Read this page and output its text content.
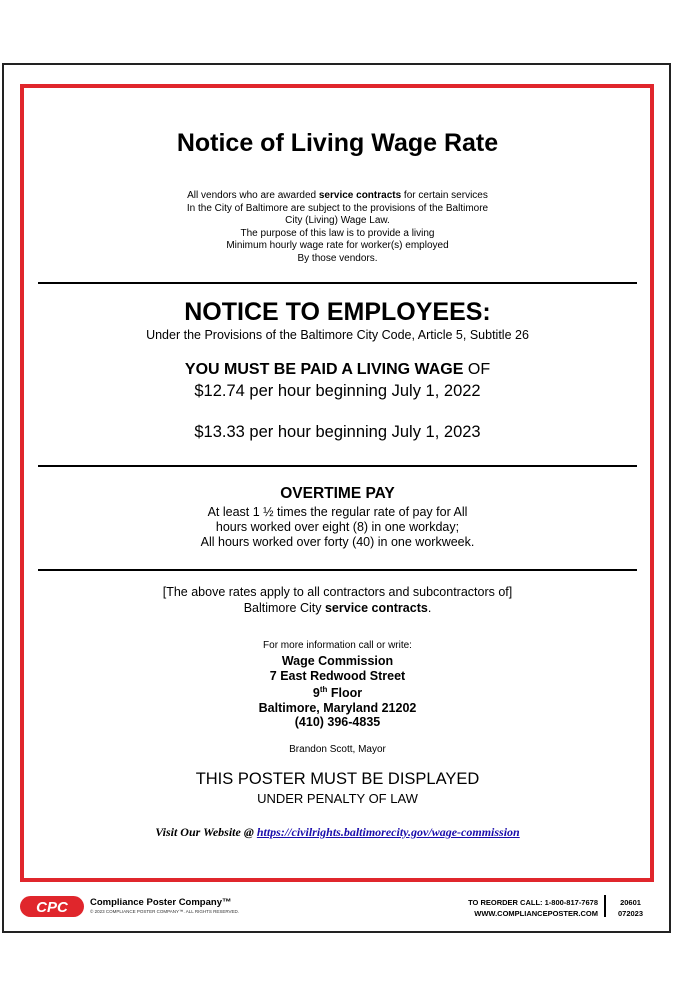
Notice of Living Wage Rate
All vendors who are awarded service contracts for certain services
In the City of Baltimore are subject to the provisions of the Baltimore
City (Living) Wage Law.
The purpose of this law is to provide a living
Minimum hourly wage rate for worker(s) employed
By those vendors.
NOTICE TO EMPLOYEES:
Under the Provisions of the Baltimore City Code, Article 5, Subtitle 26
YOU MUST BE PAID A LIVING WAGE OF
$12.74 per hour beginning July 1, 2022
$13.33 per hour beginning July 1, 2023
OVERTIME PAY
At least 1 ½ times the regular rate of pay for All
hours worked over eight (8) in one workday;
All hours worked over forty (40) in one workweek.
[The above rates apply to all contractors and subcontractors of]
Baltimore City service contracts.
For more information call or write:
Wage Commission
7 East Redwood Street
9th Floor
Baltimore, Maryland 21202
(410) 396-4835
Brandon Scott, Mayor
THIS POSTER MUST BE DISPLAYED
UNDER PENALTY OF LAW
Visit Our Website @ https://civilrights.baltimorecity.gov/wage-commission
CPC Compliance Poster Company™
© 2023 COMPLIANCE POSTER COMPANY™. ALL RIGHTS RESERVED.
TO REORDER CALL: 1-800-817-7678
WWW.COMPLIANCEPOSTER.COM
20601
072023
